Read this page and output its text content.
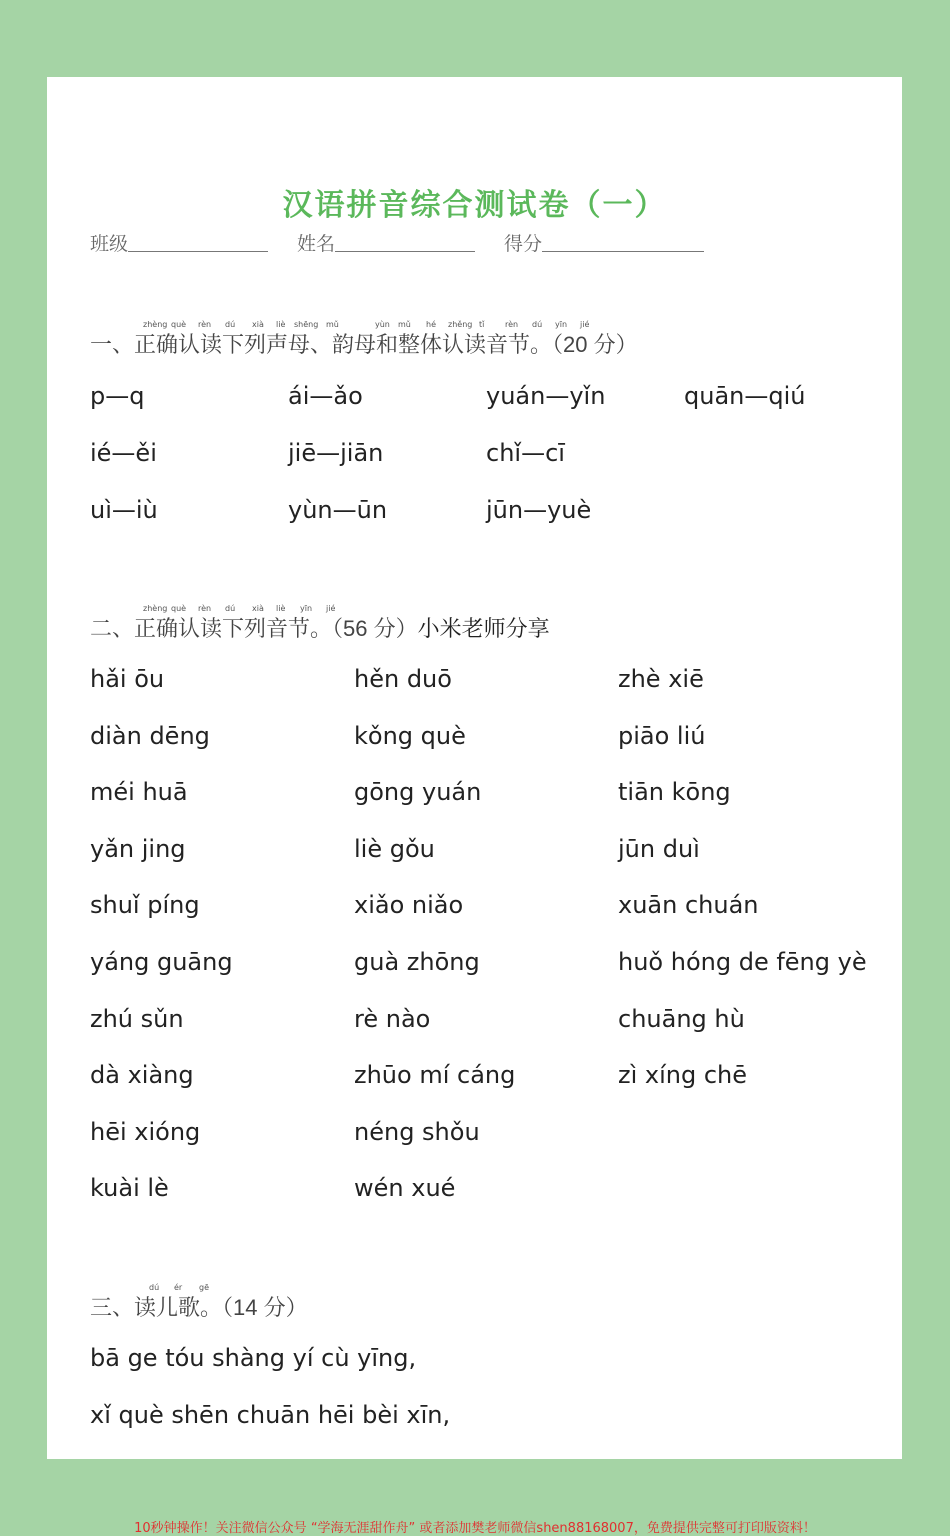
汉语拼音综合测试卷（一）
班级	姓名	得分
zhèng què rèn dú xià liè shēng mǔ	yùn mǔ hé zhěng tǐ	rèn dú yīn jié
一、正确认读下列声母、韵母和整体认读音节。（20 分）
p—q	ái—ǎo	yuán—yǐn	quān—qiú
ié—ěi	jiē—jiān	chǐ—cī
uì—iù	yùn—ūn	jūn—yuè
zhèng què rèn dú xià liè yīn jié
二、正确认读下列音节。（56 分）小米老师分享
hǎi ōu	hěn duō	zhè xiē
diàn dēng	kǒng què	piāo liú
méi huā	gōng yuán	tiān kōng
yǎn jing	liè gǒu	jūn duì
shuǐ píng	xiǎo niǎo	xuān chuán
yáng guāng	guà zhōng	huǒ hóng de fēng yè
zhú sǔn	rè nào	chuāng hù
dà xiàng	zhūo mí cáng	zì xíng chē
hēi xióng	néng shǒu
kuài lè	wén xué
dú ér gē
三、读儿歌。（14 分）
bā ge tóu shàng yí cù yīng,
xǐ què shēn chuān hēi bèi xīn,
10秒钟操作！关注微信公众号 “学海无涯甜作舟” 或者添加樊老师微信shen88168007，免费提供完整可打印版资料！
